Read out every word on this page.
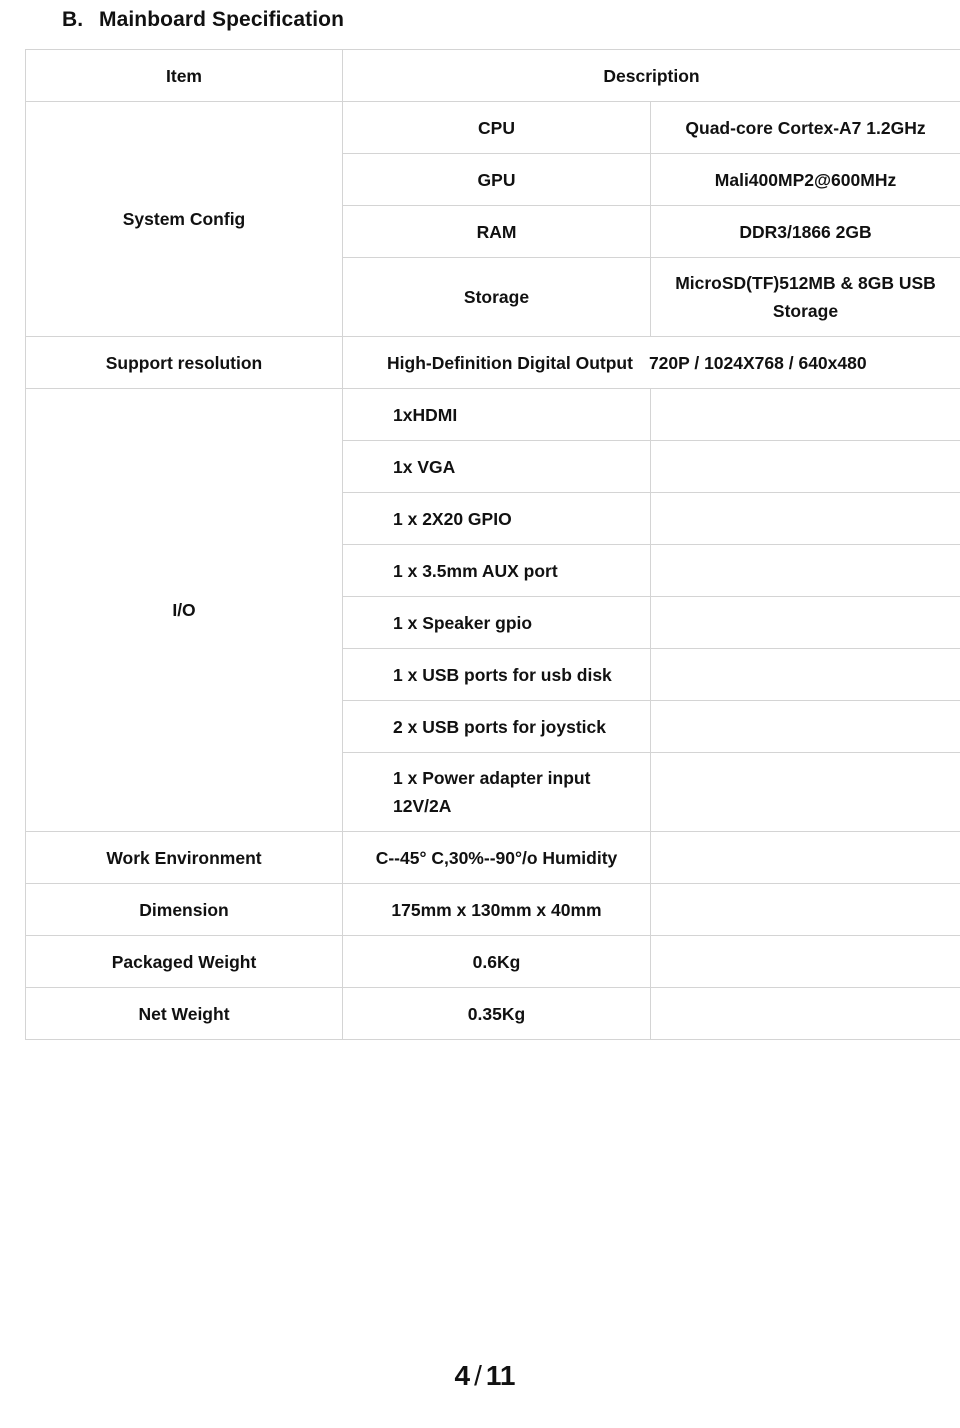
B. Mainboard Specification
Item	Description	
System Config	CPU	Quad-core Cortex-A7 1.2GHz
	GPU	Mali400MP2@600MHz
	RAM	DDR3/1866 2GB
	Storage	MicroSD(TF)512MB & 8GB USB
Storage

Support resolution	High-Definition Digital Output 720P / 1024X768 / 640x480	
I/O	1xHDMI	
	1x VGA	
	1 x 2X20 GPIO	
	1 x 3.5mm AUX port	
	1 x Speaker gpio	
	1 x USB ports for usb disk	
	2 x USB ports for joystick	

	1 x Power adapter input
12V/2A	

Work Environment	C--45° C,30%--90°/o Humidity	
Dimension	175mm x 130mm x 40mm	
Packaged Weight	0.6Kg	
Net Weight	0.35Kg	
4 / 11
